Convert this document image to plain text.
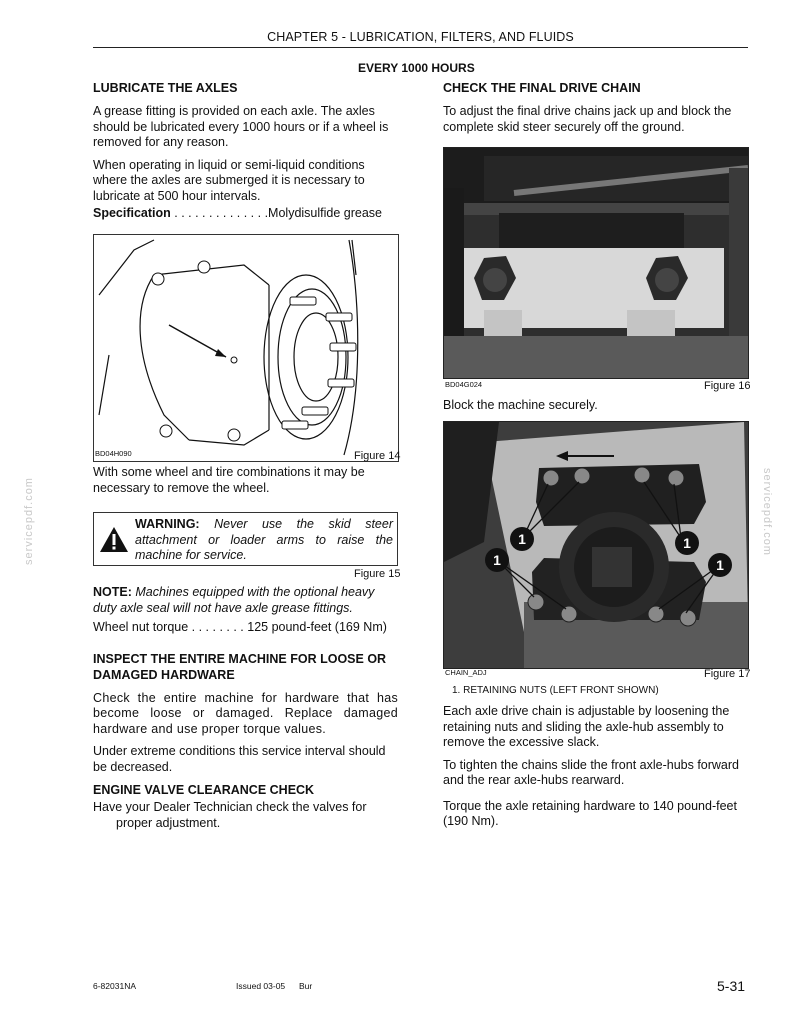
CHAPTER 5 - LUBRICATION, FILTERS, AND FLUIDS
EVERY 1000 HOURS
servicepdf.com	servicepdf.com
LUBRICATE THE AXLES

A grease fitting is provided on each axle. The axles should be lubricated every 1000 hours or if a wheel is removed for any reason.

When operating in liquid or semi-liquid conditions where the axles are submerged it is necessary to lubricate at 500 hour intervals.

Specification . . . . . . . . . . . . . .Molydisulfide grease

BD04H090	Figure 14

With some wheel and tire combinations it may be necessary to remove the wheel.

WARNING: Never use the skid steer attachment or loader arms to raise the machine for service.

Figure 15

NOTE: Machines equipped with the optional heavy duty axle seal will not have axle grease fittings.

Wheel nut torque . . . . . . . . 125 pound-feet (169 Nm)

INSPECT THE ENTIRE MACHINE FOR LOOSE OR DAMAGED HARDWARE

Check the entire machine for hardware that has become loose or damaged. Replace damaged hardware and use proper torque values.

Under extreme conditions this service interval should be decreased.

ENGINE VALVE CLEARANCE CHECK

Have your Dealer Technician check the valves for proper adjustment.

CHECK THE FINAL DRIVE CHAIN

To adjust the final drive chains jack up and block the complete skid steer securely off the ground.

BD04G024	Figure 16

Block the machine securely.

1	1
1	1
CHAIN_ADJ	Figure 17
1. RETAINING NUTS (LEFT FRONT SHOWN)

Each axle drive chain is adjustable by loosening the retaining nuts and sliding the axle-hub assembly to remove the excessive slack.

To tighten the chains slide the front axle-hubs forward and the rear axle-hubs rearward.

Torque the axle retaining hardware to 140 pound-feet (190 Nm).

6-82031NA	Issued 03-05 Bur	5-31
